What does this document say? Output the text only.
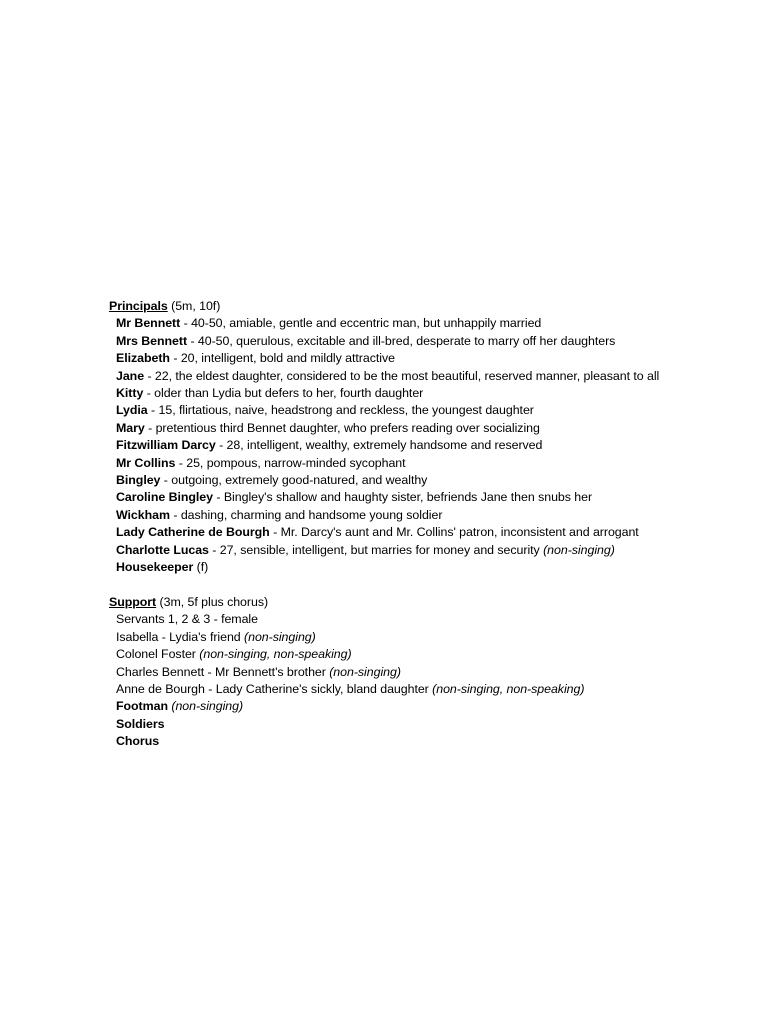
Principals (5m, 10f)
Mr Bennett - 40-50, amiable, gentle and eccentric man, but unhappily married
Mrs Bennett - 40-50, querulous, excitable and ill-bred, desperate to marry off her daughters
Elizabeth - 20, intelligent, bold and mildly attractive
Jane - 22, the eldest daughter, considered to be the most beautiful, reserved manner, pleasant to all
Kitty - older than Lydia but defers to her, fourth daughter
Lydia - 15, flirtatious, naive, headstrong and reckless, the youngest daughter
Mary - pretentious third Bennet daughter, who prefers reading over socializing
Fitzwilliam Darcy - 28, intelligent, wealthy, extremely handsome and reserved
Mr Collins - 25, pompous, narrow-minded sycophant
Bingley - outgoing, extremely good-natured, and wealthy
Caroline Bingley - Bingley's shallow and haughty sister, befriends Jane then snubs her
Wickham - dashing, charming and handsome young soldier
Lady Catherine de Bourgh - Mr. Darcy's aunt and Mr. Collins' patron, inconsistent and arrogant
Charlotte Lucas - 27, sensible, intelligent, but marries for money and security (non-singing)
Housekeeper (f)
Support (3m, 5f plus chorus)
Servants 1, 2 & 3 - female
Isabella - Lydia's friend (non-singing)
Colonel Foster (non-singing, non-speaking)
Charles Bennett - Mr Bennett's brother (non-singing)
Anne de Bourgh - Lady Catherine's sickly, bland daughter (non-singing, non-speaking)
Footman (non-singing)
Soldiers
Chorus
